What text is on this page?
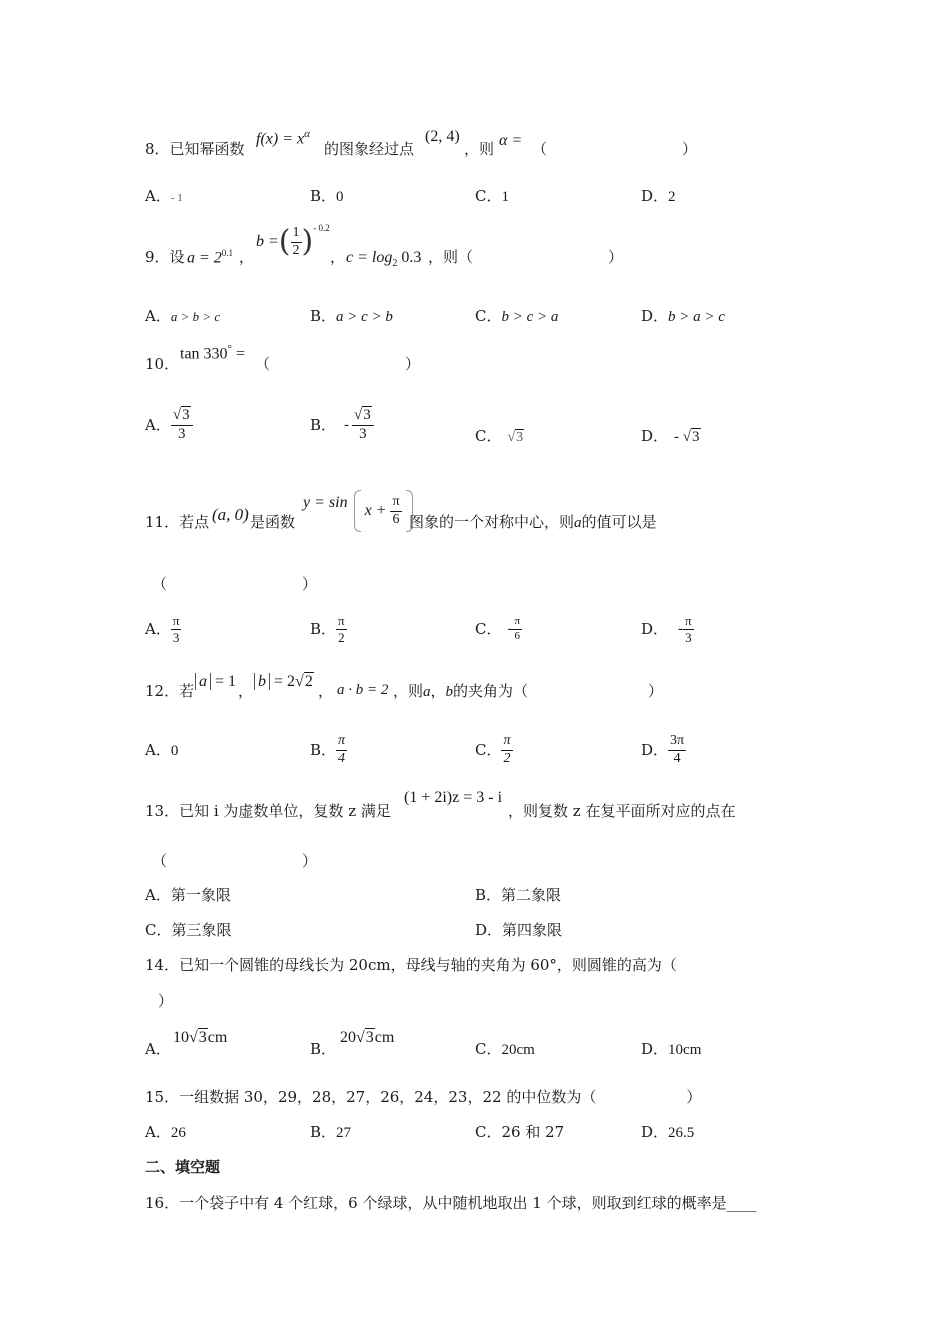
8．已知幂函数
$f(x) = x^\alpha$
的图象经过点
(2, 4)
，则 α = （　　　　　　　　　）
A．- 1	B．0	C．1	D．2
9．设 $a = 2^{0.1}$ ，
b = ( $\frac{1}{2}$ ) - 0.2
， $c = \log_2 0.3$ ，则（　　　　　　　　　）
A．a > b > c	B．a > c > b	C．b > c > a	D．b > a > c
10．
tan 330° =
（　　　　　　　　　）
A． $\frac{√3}{3}$	B． - $\frac{√3}{3}$	C． √3	D． - √3
11．若点 (a, 0) 是函数
$y = \sin x + \frac{\pi}{6}$ 图象的一个对称中心，则a的值可以是
（　　　　　　　　　）
A． $\frac{\pi}{3}$	B． $\frac{\pi}{2}$	C． - $\frac{\pi}{6}$	D． - $\frac{\pi}{3}$
12．若
a = 1
，
b = 2√2
， a · b = 2 ，则a，b的夹角为（　　　　　　　　）
A．0	B． $\frac{\pi}{4}$	C． $\frac{\pi}{2}$	D． $\frac{3\pi}{4}$
13．已知 i 为虚数单位，复数 z 满足
(1 + 2i)z = 3 - i
，则复数 z 在复平面所对应的点在
（　　　　　　　　　）
A．第一象限	B．第二象限
C．第三象限	D．第四象限
14．已知一个圆锥的母线长为 20cm，母线与轴的夹角为 60°，则圆锥的高为（
）
A．
10√3cm
B．
20√3cm
C．20cm	D．10cm
15．一组数据 30，29，28，27，26，24，23，22 的中位数为（　　　　　　）
A．26	B．27	C．26 和 27	D．26.5
二、填空题
16．一个袋子中有 4 个红球，6 个绿球，从中随机地取出 1 个球，则取到红球的概率是____
